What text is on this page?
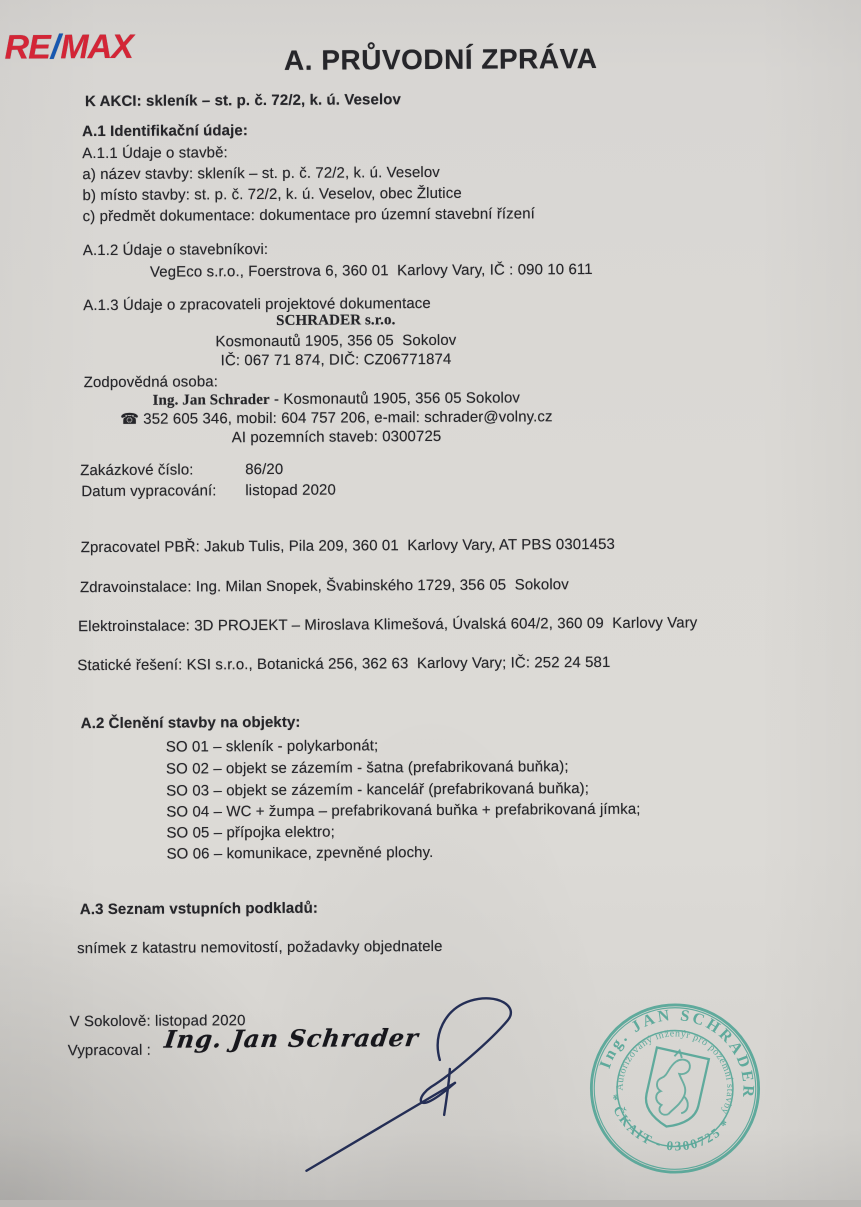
RE/MAX	A. PRŮVODNÍ ZPRÁVA
K AKCI: skleník – st. p. č. 72/2, k. ú. Veselov
A.1 Identifikační údaje:
A.1.1 Údaje o stavbě:
a) název stavby: skleník – st. p. č. 72/2, k. ú. Veselov
b) místo stavby: st. p. č. 72/2, k. ú. Veselov, obec Žlutice
c) předmět dokumentace: dokumentace pro územní stavební řízení
A.1.2 Údaje o stavebníkovi:
VegEco s.r.o., Foerstrova 6, 360 01  Karlovy Vary, IČ : 090 10 611
A.1.3 Údaje o zpracovateli projektové dokumentace
SCHRADER s.r.o.
Kosmonautů 1905, 356 05  Sokolov
IČ: 067 71 874, DIČ: CZ06771874
Zodpovědná osoba:
Ing. Jan Schrader - Kosmonautů 1905, 356 05 Sokolov
☎ 352 605 346, mobil: 604 757 206, e-mail: schrader@volny.cz
AI pozemních staveb: 0300725
Zakázkové číslo:	86/20
Datum vypracování: listopad 2020
Zpracovatel PBŘ: Jakub Tulis, Pila 209, 360 01  Karlovy Vary, AT PBS 0301453
Zdravoinstalace: Ing. Milan Snopek, Švabinského 1729, 356 05  Sokolov
Elektroinstalace: 3D PROJEKT – Miroslava Klimešová, Úvalská 604/2, 360 09  Karlovy Vary
Statické řešení: KSI s.r.o., Botanická 256, 362 63  Karlovy Vary; IČ: 252 24 581
A.2 Členění stavby na objekty:
SO 01 – skleník - polykarbonát;
SO 02 – objekt se zázemím - šatna (prefabrikovaná buňka);
SO 03 – objekt se zázemím - kancelář (prefabrikovaná buňka);
SO 04 – WC + žumpa – prefabrikovaná buňka + prefabrikovaná jímka;
SO 05 – přípojka elektro;
SO 06 – komunikace, zpevněné plochy.
A.3 Seznam vstupních podkladů:
snímek z katastru nemovitostí, požadavky objednatele
V Sokolově: listopad 2020
Vypracoval : Ing. Jan Schrader
Ing. JAN SCHRADER
Autorizovaný inženýr pro pozemní stavby
* ČKAIT - 0300725 *
